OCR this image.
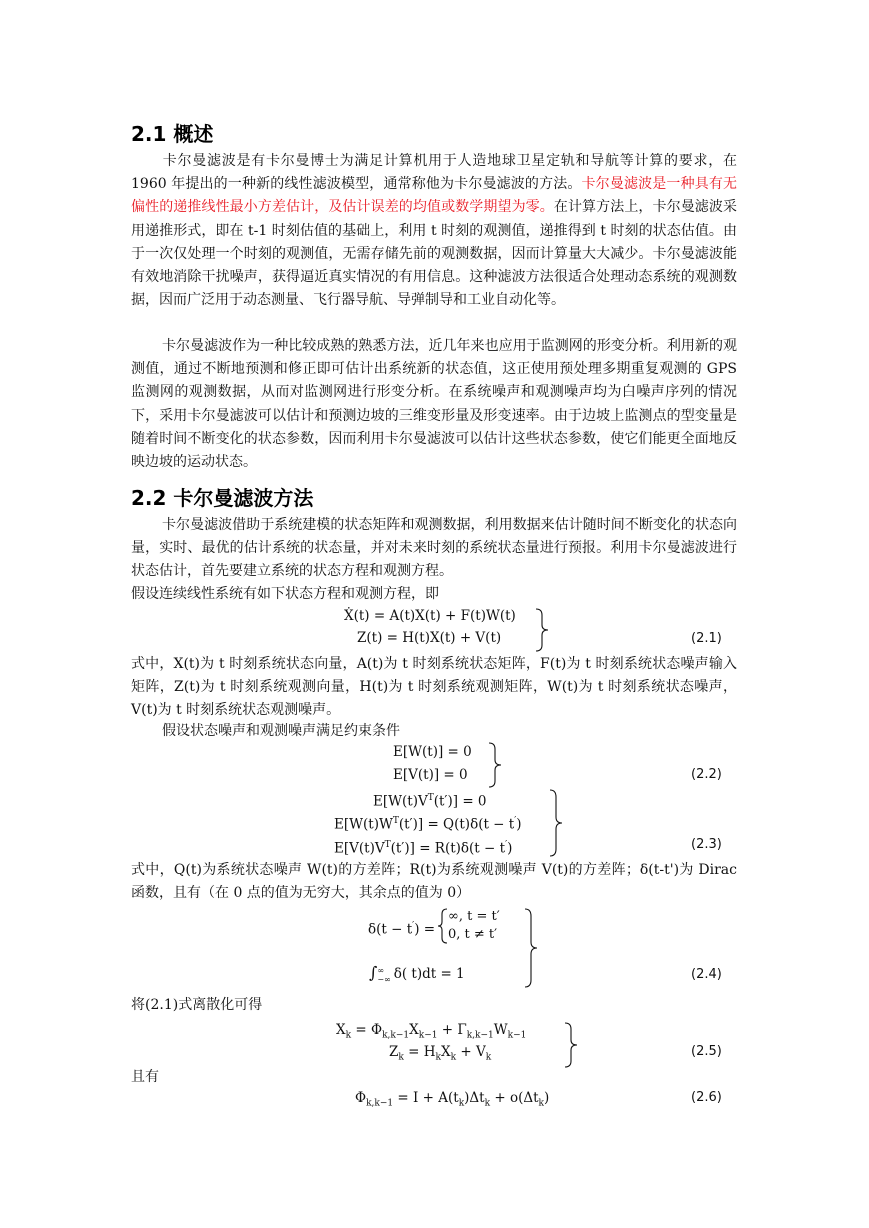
2.1 概述

卡尔曼滤波是有卡尔曼博士为满足计算机用于人造地球卫星定轨和导航等计算的要求，在 1960 年提出的一种新的线性滤波模型，通常称他为卡尔曼滤波的方法。卡尔曼滤波是一种具有无偏性的递推线性最小方差估计，及估计误差的均值或数学期望为零。在计算方法上，卡尔曼滤波采用递推形式，即在 t-1 时刻估值的基础上，利用 t 时刻的观测值，递推得到 t 时刻的状态估值。由于一次仅处理一个时刻的观测值，无需存储先前的观测数据，因而计算量大大减少。卡尔曼滤波能有效地消除干扰噪声，获得逼近真实情况的有用信息。这种滤波方法很适合处理动态系统的观测数据，因而广泛用于动态测量、飞行器导航、导弹制导和工业自动化等。

卡尔曼滤波作为一种比较成熟的熟悉方法，近几年来也应用于监测网的形变分析。利用新的观测值，通过不断地预测和修正即可估计出系统新的状态值，这正使用预处理多期重复观测的 GPS 监测网的观测数据，从而对监测网进行形变分析。在系统噪声和观测噪声均为白噪声序列的情况下，采用卡尔曼滤波可以估计和预测边坡的三维变形量及形变速率。由于边坡上监测点的型变量是随着时间不断变化的状态参数，因而利用卡尔曼滤波可以估计这些状态参数，使它们能更全面地反映边坡的运动状态。

2.2 卡尔曼滤波方法

卡尔曼滤波借助于系统建模的状态矩阵和观测数据，利用数据来估计随时间不断变化的状态向量，实时、最优的估计系统的状态量，并对未来时刻的系统状态量进行预报。利用卡尔曼滤波进行状态估计，首先要建立系统的状态方程和观测方程。

假设连续线性系统有如下状态方程和观测方程，即
Ẋ(t) = A(t)X(t) + F(t)W(t)
Z(t) = H(t)X(t) + V(t)	(2.1)

式中，X(t)为 t 时刻系统状态向量，A(t)为 t 时刻系统状态矩阵，F(t)为 t 时刻系统状态噪声输入矩阵，Z(t)为 t 时刻系统观测向量，H(t)为 t 时刻系统观测矩阵，W(t)为 t 时刻系统状态噪声，V(t)为 t 时刻系统状态观测噪声。

假设状态噪声和观测噪声满足约束条件
E[W(t)] = 0
E[V(t)] = 0	(2.2)
$E[W(t)V^T(t')] = 0$
$E[W(t)W^T(t')] = Q(t)\delta(t - t')$
$E[V(t)V^T(t')] = R(t)\delta(t - t')$	(2.3)

式中，Q(t)为系统状态噪声 W(t)的方差阵；R(t)为系统观测噪声 V(t)的方差阵；δ(t-t')为 Dirac 函数，且有（在 0 点的值为无穷大，其余点的值为 0）

δ(t − t′) =
∞, t = t′
0, t ≠ t′
∫ ∞
−∞ δ( t)dt = 1	(2.4)
将(2.1)式离散化可得
$X_k = \Phi_{k,k-1}X_{k-1} + \Gamma_{k,k-1}W_{k-1}$
$Z_k = H_kX_k + V_k$	(2.5)
且有
$\Phi_{k,k-1} = I + A(t_k)\Delta t_k + o(\Delta t_k)$	(2.6)
